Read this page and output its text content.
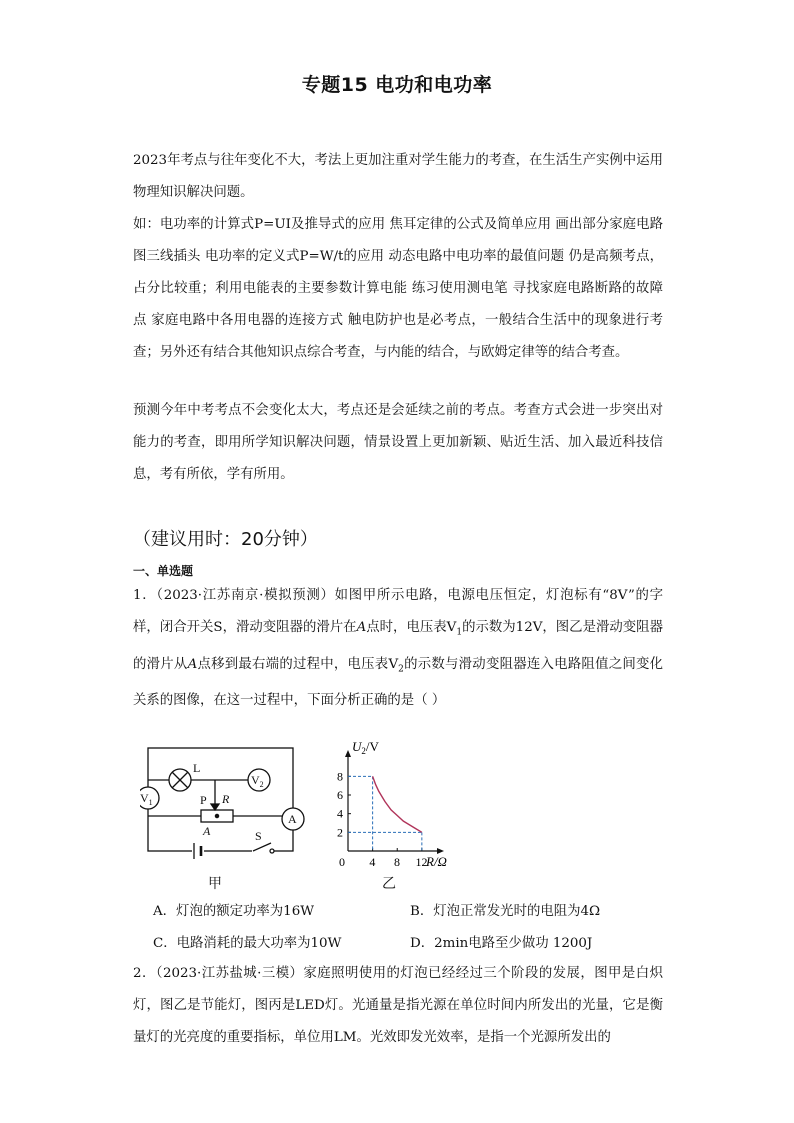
专题15 电功和电功率

2023年考点与往年变化不大，考法上更加注重对学生能力的考查，在生活生产实例中运用物理知识解决问题。

如：电功率的计算式P=UI及推导式的应用 焦耳定律的公式及简单应用 画出部分家庭电路图三线插头 电功率的定义式P=W/t的应用 动态电路中电功率的最值问题 仍是高频考点，占分比较重；利用电能表的主要参数计算电能 练习使用测电笔 寻找家庭电路断路的故障点 家庭电路中各用电器的连接方式 触电防护也是必考点，一般结合生活中的现象进行考查；另外还有结合其他知识点综合考查，与内能的结合，与欧姆定律等的结合考查。

预测今年中考考点不会变化太大，考点还是会延续之前的考点。考查方式会进一步突出对能力的考查，即用所学知识解决问题，情景设置上更加新颖、贴近生活、加入最近科技信息，考有所依，学有所用。

（建议用时：20分钟）
一、单选题

1．（2023·江苏南京·模拟预测）如图甲所示电路，电源电压恒定，灯泡标有“8V”的字样，闭合开关S，滑动变阻器的滑片在A点时，电压表$V_1$的示数为12V，图乙是滑动变阻器的滑片从A点移到最右端的过程中，电压表$V_2$的示数与滑动变阻器连入电路阻值之间变化关系的图像，在这一过程中，下面分析正确的是（ ）

L
$V_2$
$V_1$
A
P R
A	S	2
4
6
8
0 4 8 12
$U_2/V$
R/Ω
甲	乙
A．灯泡的额定功率为16W	B．灯泡正常发光时的电阻为4Ω
C．电路消耗的最大功率为10W	D．2min电路至少做功 1200J

2．（2023·江苏盐城·三模）家庭照明使用的灯泡已经经过三个阶段的发展，图甲是白炽灯，图乙是节能灯，图丙是LED灯。光通量是指光源在单位时间内所发出的光量，它是衡量灯的光亮度的重要指标，单位用LM。光效即发光效率，是指一个光源所发出的
